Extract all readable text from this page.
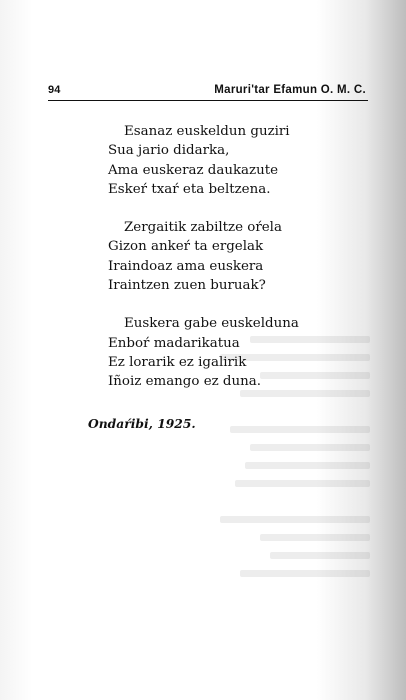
94	Maruri'tar Efamun O. M. C.
Esanaz euskeldun guziri
Sua jario didarka,
Ama euskeraz daukazute
Eskeŕ txaŕ eta beltzena.
Zergaitik zabiltze oŕela
Gizon ankeŕ ta ergelak
Iraindoaz ama euskera
Iraintzen zuen buruak?
Euskera gabe euskelduna
Enboŕ madarikatua
Ez lorarik ez igalirik
Iñoiz emango ez duna.
Ondaŕibi, 1925.
